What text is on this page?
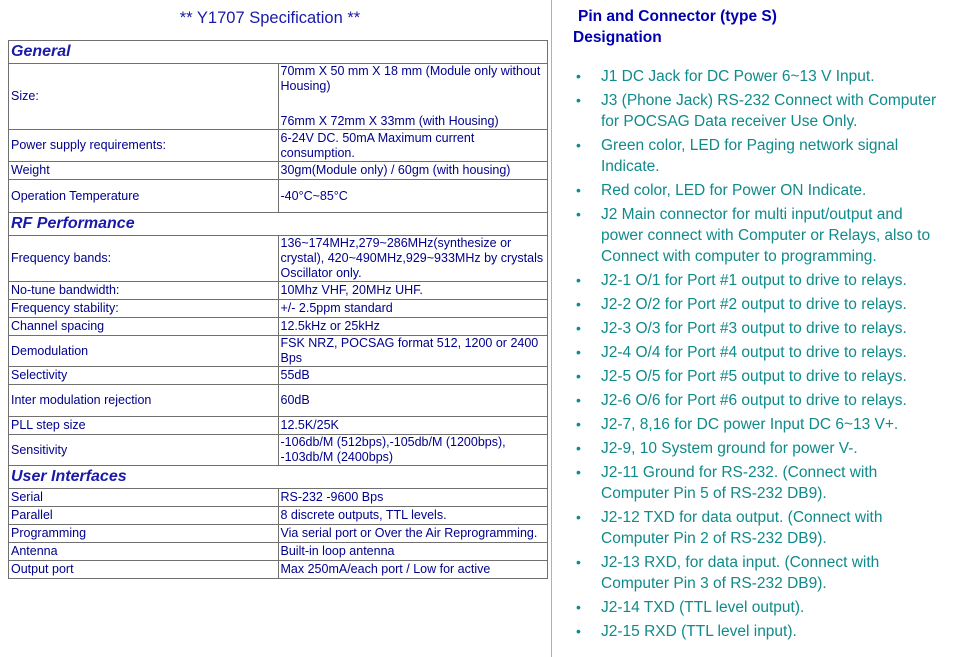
** Y1707 Specification **
General	
Size:	70mm X 50 mm X 18 mm (Module only without Housing)
76mm X 72mm X 33mm (with Housing)

Power supply requirements:	6-24V DC. 50mA Maximum current consumption.

Weight	30gm(Module only) / 60gm (with housing)

Operation Temperature	-40°C~85°C

RF Performance	
Frequency bands:	136~174MHz,279~286MHz(synthesize or crystal), 420~490MHz,929~933MHz by crystals Oscillator only.

No-tune bandwidth:	10Mhz VHF, 20MHz UHF.

Frequency stability:	+/- 2.5ppm standard

Channel spacing	12.5kHz or 25kHz

Demodulation	FSK NRZ, POCSAG format 512, 1200 or 2400 Bps

Selectivity	55dB

Inter modulation rejection	60dB

PLL step size	12.5K/25K

Sensitivity	-106db/M (512bps),-105db/M (1200bps), -103db/M (2400bps)

User Interfaces	
Serial	RS-232 -9600 Bps

Parallel	8 discrete outputs, TTL levels.

Programming	Via serial port or Over the Air Reprogramming.

Antenna	Built-in loop antenna

Output port	Max 250mA/each port / Low for active
Pin and Connector (type S)
Designation
• J1 DC Jack for DC Power 6~13 V Input.
• J3 (Phone Jack) RS-232 Connect with Computer for POCSAG Data receiver Use Only.
• Green color, LED for Paging network signal Indicate.
• Red color, LED for Power ON Indicate.
• J2 Main connector for multi input/output and power connect with Computer or Relays, also to Connect with computer to programming.
• J2-1 O/1 for Port #1 output to drive to relays.
• J2-2 O/2 for Port #2 output to drive to relays.
• J2-3 O/3 for Port #3 output to drive to relays.
• J2-4 O/4 for Port #4 output to drive to relays.
• J2-5 O/5 for Port #5 output to drive to relays.
• J2-6 O/6 for Port #6 output to drive to relays.
• J2-7, 8,16 for DC power Input DC 6~13 V+.
• J2-9, 10 System ground for power V-.
• J2-11 Ground for RS-232. (Connect with Computer Pin 5 of RS-232 DB9).
• J2-12 TXD for data output. (Connect with Computer Pin 2 of RS-232 DB9).
• J2-13 RXD, for data input. (Connect with Computer Pin 3 of RS-232 DB9).
• J2-14 TXD (TTL level output).
• J2-15 RXD (TTL level input).
